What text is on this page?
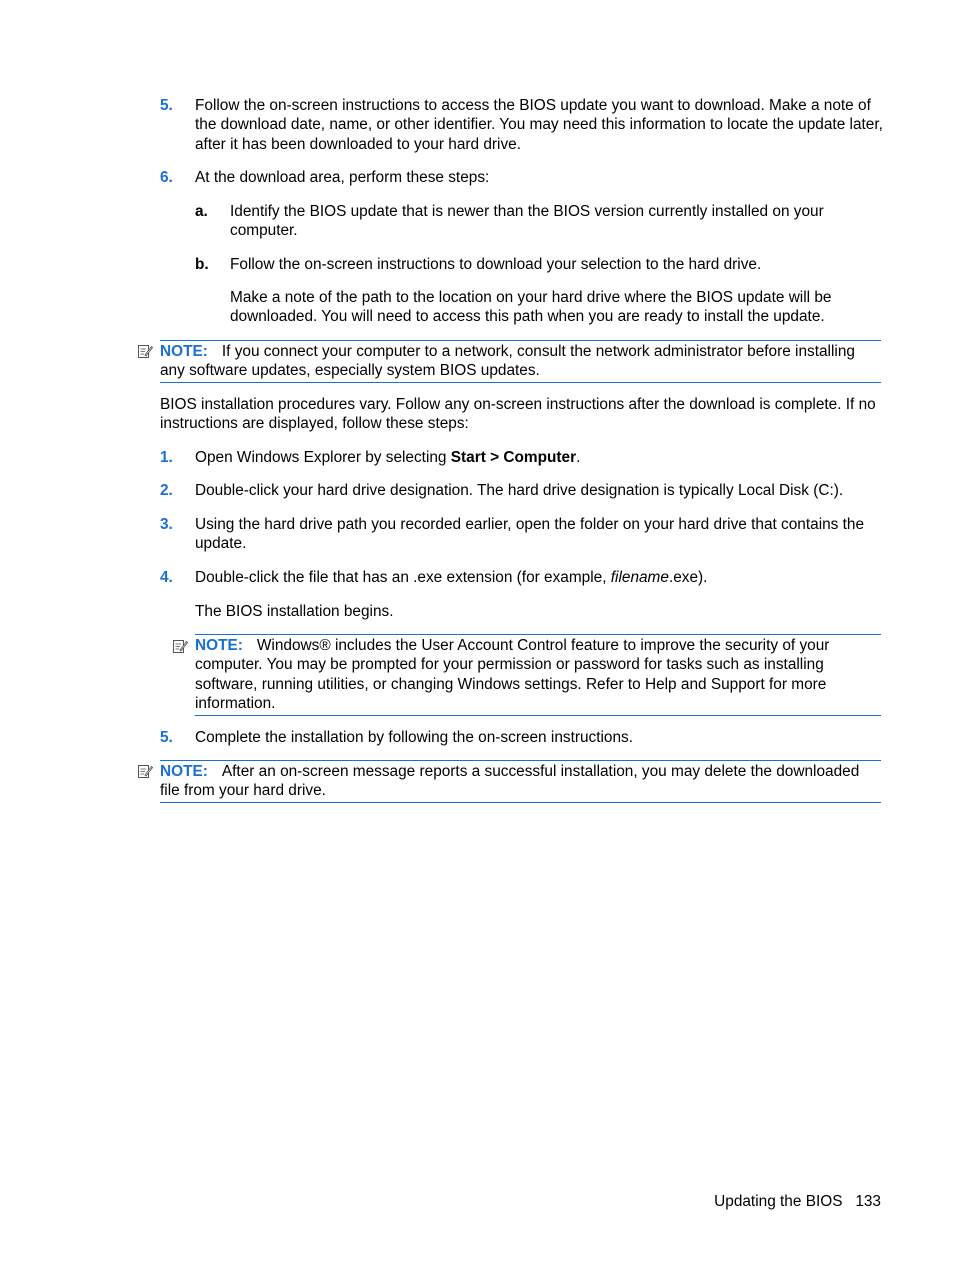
5. Follow the on-screen instructions to access the BIOS update you want to download. Make a note of the download date, name, or other identifier. You may need this information to locate the update later, after it has been downloaded to your hard drive.
6. At the download area, perform these steps:
a. Identify the BIOS update that is newer than the BIOS version currently installed on your computer.
b. Follow the on-screen instructions to download your selection to the hard drive.
Make a note of the path to the location on your hard drive where the BIOS update will be downloaded. You will need to access this path when you are ready to install the update.
NOTE: If you connect your computer to a network, consult the network administrator before installing any software updates, especially system BIOS updates.
BIOS installation procedures vary. Follow any on-screen instructions after the download is complete. If no instructions are displayed, follow these steps:
1. Open Windows Explorer by selecting Start > Computer.
2. Double-click your hard drive designation. The hard drive designation is typically Local Disk (C:).
3. Using the hard drive path you recorded earlier, open the folder on your hard drive that contains the update.
4. Double-click the file that has an .exe extension (for example, filename.exe).
The BIOS installation begins.
NOTE: Windows® includes the User Account Control feature to improve the security of your computer. You may be prompted for your permission or password for tasks such as installing software, running utilities, or changing Windows settings. Refer to Help and Support for more information.
5. Complete the installation by following the on-screen instructions.
NOTE: After an on-screen message reports a successful installation, you may delete the downloaded file from your hard drive.
Updating the BIOS 133
